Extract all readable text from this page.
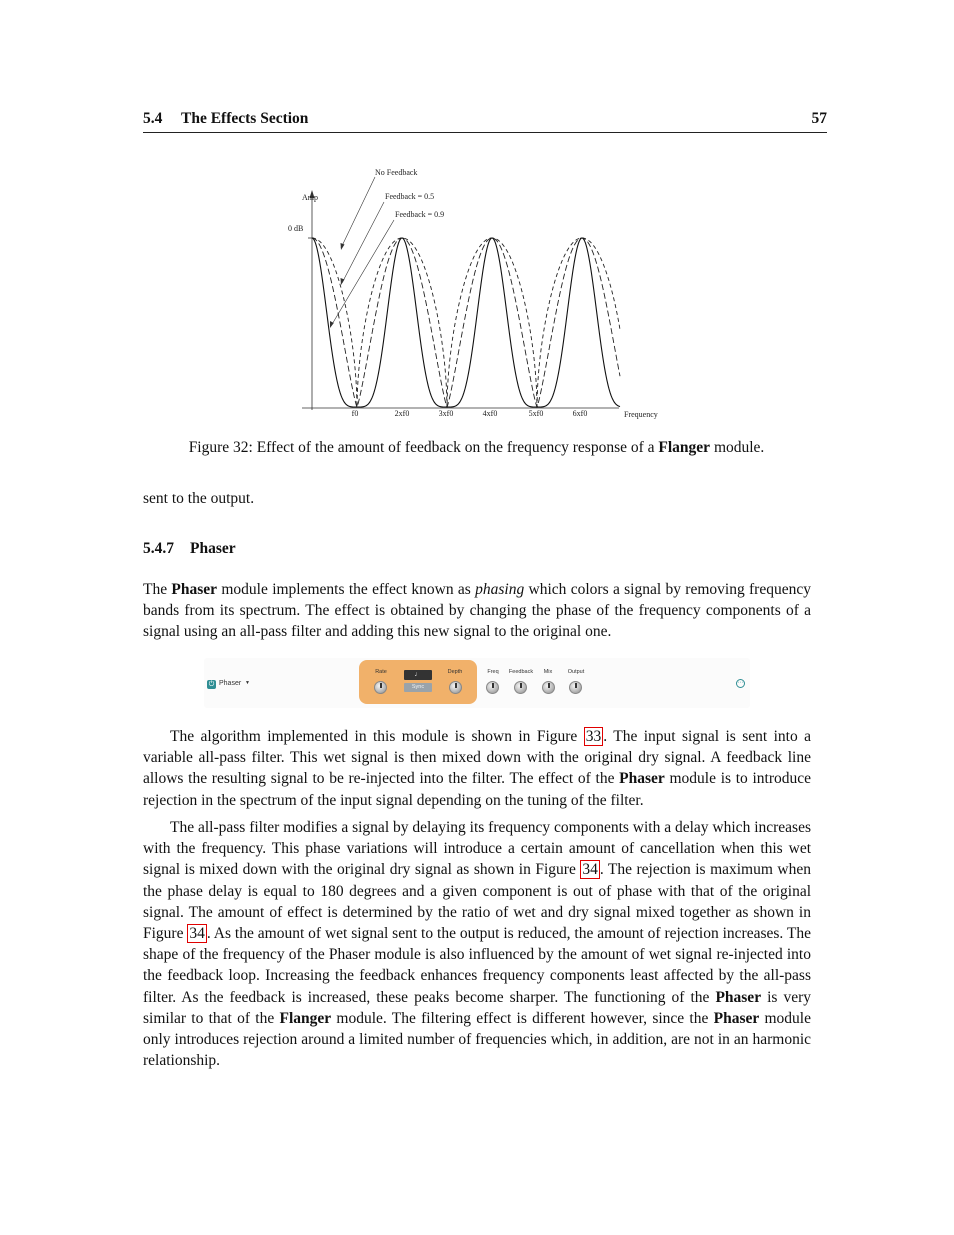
5.4 The Effects Section	57
Amp
0 dB
No Feedback
Feedback = 0.5
Feedback = 0.9
Frequency
f0	2xf0	3xf0	4xf0	5xf0	6xf0
Figure 32: Effect of the amount of feedback on the frequency response of a Flanger module.

sent to the output.

5.4.7 Phaser

The Phaser module implements the effect known as phasing which colors a signal by removing frequency bands from its spectrum. The effect is obtained by changing the phase of the frequency components of a signal using an all-pass filter and adding this new signal to the original one.

⏻ Phaser ▼
Rate	♩
Sync
Depth	Freq	Feedback	Mix	Output
⋯

The algorithm implemented in this module is shown in Figure 33 . The input signal is sent into a variable all-pass filter. This wet signal is then mixed down with the original dry signal. A feedback line allows the resulting signal to be re-injected into the filter. The effect of the Phaser module is to introduce rejection in the spectrum of the input signal depending on the tuning of the filter.

The all-pass filter modifies a signal by delaying its frequency components with a delay which increases with the frequency. This phase variations will introduce a certain amount of cancellation when this wet signal is mixed down with the original dry signal as shown in Figure 34 . The rejection is maximum when the phase delay is equal to 180 degrees and a given component is out of phase with that of the original signal. The amount of effect is determined by the ratio of wet and dry signal mixed together as shown in Figure 34 . As the amount of wet signal sent to the output is reduced, the amount of rejection increases. The shape of the frequency of the Phaser module is also influenced by the amount of wet signal re-injected into the feedback loop. Increasing the feedback enhances frequency components least affected by the all-pass filter. As the feedback is increased, these peaks become sharper. The functioning of the Phaser is very similar to that of the Flanger module. The filtering effect is different however, since the Phaser module only introduces rejection around a limited number of frequencies which, in addition, are not in an harmonic relationship.
